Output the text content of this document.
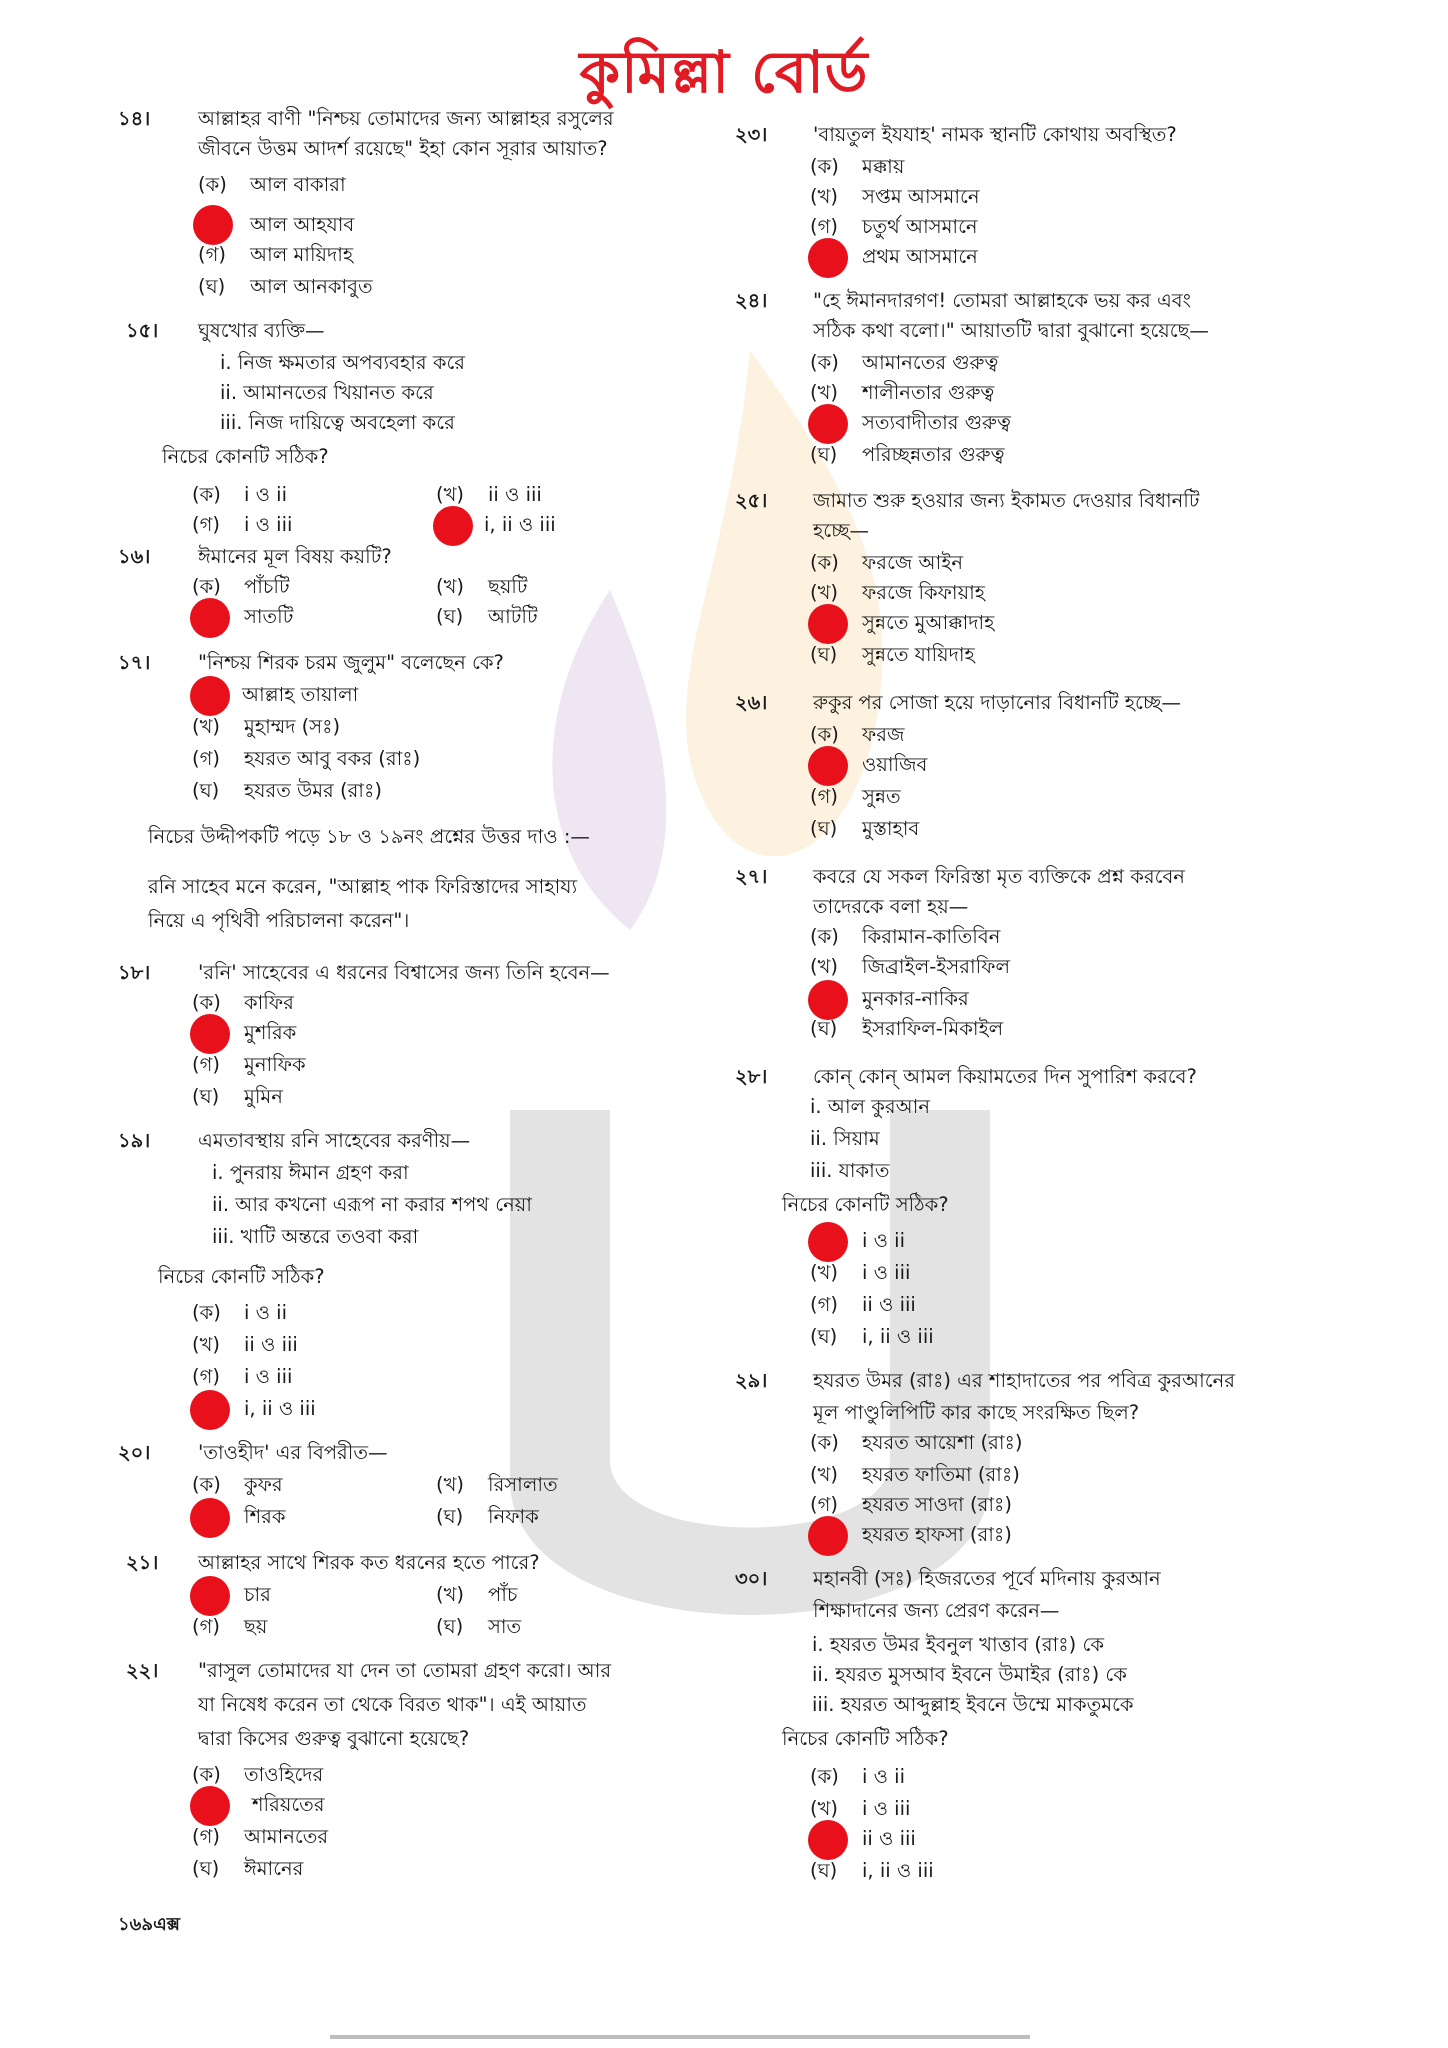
কুমিল্লা বোর্ড
১৪। আল্লাহর বাণী "নিশ্চয় তোমাদের জন্য আল্লাহর রসুলের
জীবনে উত্তম আদর্শ রয়েছে" ইহা কোন সূরার আয়াত?
(ক) আল বাকারা
আল আহযাব
(গ) আল মায়িদাহ
(ঘ) আল আনকাবুত
১৫। ঘুষখোর ব্যক্তি—
i. নিজ ক্ষমতার অপব্যবহার করে
ii. আমানতের খিয়ানত করে
iii. নিজ দায়িত্বে অবহেলা করে
নিচের কোনটি সঠিক?
(ক) i ও ii	(খ) ii ও iii
(গ) i ও iii	i, ii ও iii
১৬। ঈমানের মূল বিষয় কয়টি?
(ক) পাঁচটি	(খ) ছয়টি
সাতটি	(ঘ) আটটি
১৭। "নিশ্চয় শিরক চরম জুলুম" বলেছেন কে?
আল্লাহ তায়ালা
(খ) মুহাম্মদ (সঃ)
(গ) হযরত আবু বকর (রাঃ)
(ঘ) হযরত উমর (রাঃ)
নিচের উদ্দীপকটি পড়ে ১৮ ও ১৯নং প্রশ্নের উত্তর দাও :—
রনি সাহেব মনে করেন, "আল্লাহ পাক ফিরিস্তাদের সাহায্য
নিয়ে এ পৃথিবী পরিচালনা করেন"।
১৮। 'রনি' সাহেবের এ ধরনের বিশ্বাসের জন্য তিনি হবেন—
(ক) কাফির
মুশরিক
(গ) মুনাফিক
(ঘ) মুমিন
১৯। এমতাবস্থায় রনি সাহেবের করণীয়—
i. পুনরায় ঈমান গ্রহণ করা
ii. আর কখনো এরূপ না করার শপথ নেয়া
iii. খাটি অন্তরে তওবা করা
নিচের কোনটি সঠিক?
(ক) i ও ii
(খ) ii ও iii
(গ) i ও iii
i, ii ও iii
২০। 'তাওহীদ' এর বিপরীত—
(ক) কুফর	(খ) রিসালাত
শিরক	(ঘ) নিফাক
২১। আল্লাহর সাথে শিরক কত ধরনের হতে পারে?
চার	(খ) পাঁচ
(গ) ছয়	(ঘ) সাত
২২। "রাসুল তোমাদের যা দেন তা তোমরা গ্রহণ করো। আর
যা নিষেধ করেন তা থেকে বিরত থাক"। এই আয়াত
দ্বারা কিসের গুরুত্ব বুঝানো হয়েছে?
(ক) তাওহিদের
শরিয়তের
(গ) আমানতের
(ঘ) ঈমানের
১৬৯এক্স
২৩। 'বায়তুল ইযযাহ' নামক স্থানটি কোথায় অবস্থিত?
(ক) মক্কায়
(খ) সপ্তম আসমানে
(গ) চতুর্থ আসমানে
প্রথম আসমানে
২৪। "হে ঈমানদারগণ! তোমরা আল্লাহকে ভয় কর এবং
সঠিক কথা বলো।" আয়াতটি দ্বারা বুঝানো হয়েছে—
(ক) আমানতের গুরুত্ব
(খ) শালীনতার গুরুত্ব
সত্যবাদীতার গুরুত্ব
(ঘ) পরিচ্ছন্নতার গুরুত্ব
২৫। জামাত শুরু হওয়ার জন্য ইকামত দেওয়ার বিধানটি
হচ্ছে—
(ক) ফরজে আইন
(খ) ফরজে কিফায়াহ
সুন্নতে মুআক্কাদাহ
(ঘ) সুন্নতে যায়িদাহ
২৬। রুকুর পর সোজা হয়ে দাড়ানোর বিধানটি হচ্ছে—
(ক) ফরজ
ওয়াজিব
(গ) সুন্নত
(ঘ) মুস্তাহাব
২৭। কবরে যে সকল ফিরিস্তা মৃত ব্যক্তিকে প্রশ্ন করবেন
তাদেরকে বলা হয়—
(ক) কিরামান-কাতিবিন
(খ) জিব্রাইল-ইসরাফিল
মুনকার-নাকির
(ঘ) ইসরাফিল-মিকাইল
২৮। কোন্ কোন্ আমল কিয়ামতের দিন সুপারিশ করবে?
i. আল কুরআন
ii. সিয়াম
iii. যাকাত
নিচের কোনটি সঠিক?
i ও ii
(খ) i ও iii
(গ) ii ও iii
(ঘ) i, ii ও iii
২৯। হযরত উমর (রাঃ) এর শাহাদাতের পর পবিত্র কুরআনের
মূল পাণ্ডুলিপিটি কার কাছে সংরক্ষিত ছিল?
(ক) হযরত আয়েশা (রাঃ)
(খ) হযরত ফাতিমা (রাঃ)
(গ) হযরত সাওদা (রাঃ)
হযরত হাফসা (রাঃ)
৩০। মহানবী (সঃ) হিজরতের পূর্বে মদিনায় কুরআন
শিক্ষাদানের জন্য প্রেরণ করেন—
i. হযরত উমর ইবনুল খাত্তাব (রাঃ) কে
ii. হযরত মুসআব ইবনে উমাইর (রাঃ) কে
iii. হযরত আব্দুল্লাহ ইবনে উম্মে মাকতুমকে
নিচের কোনটি সঠিক?
(ক) i ও ii
(খ) i ও iii
ii ও iii
(ঘ) i, ii ও iii
